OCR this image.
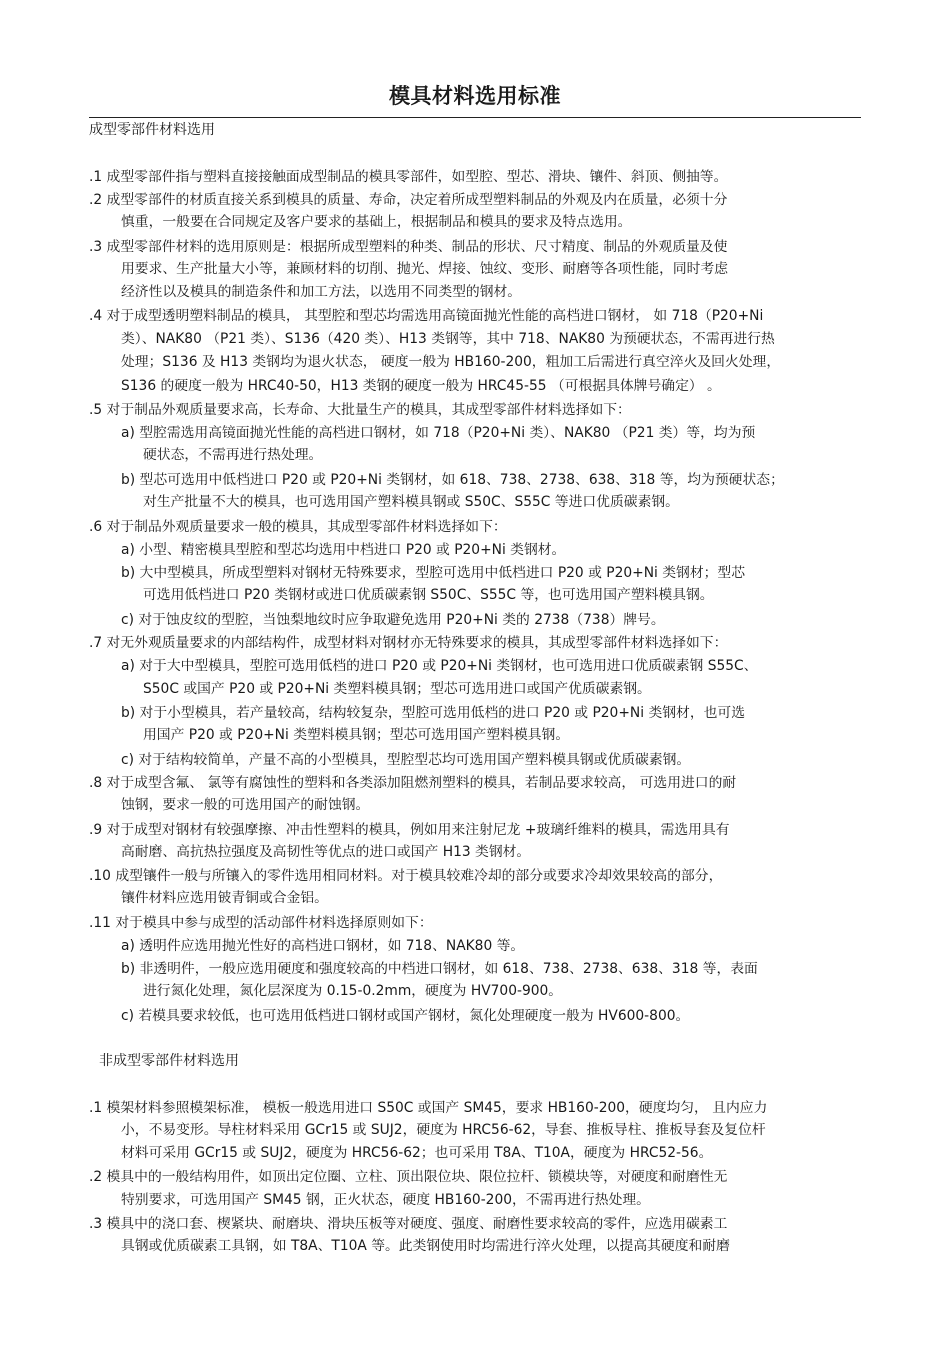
模具材料选用标准
成型零部件材料选用
.1 成型零部件指与塑料直接接触面成型制品的模具零部件，如型腔、型芯、滑块、镶件、斜顶、侧抽等。
.2 成型零部件的材质直接关系到模具的质量、寿命，决定着所成型塑料制品的外观及内在质量，必须十分
慎重，一般要在合同规定及客户要求的基础上，根据制品和模具的要求及特点选用。
.3 成型零部件材料的选用原则是：根据所成型塑料的种类、制品的形状、尺寸精度、制品的外观质量及使
用要求、生产批量大小等，兼顾材料的切削、抛光、焊接、蚀纹、变形、耐磨等各项性能，同时考虑
经济性以及模具的制造条件和加工方法，以选用不同类型的钢材。
.4 对于成型透明塑料制品的模具， 其型腔和型芯均需选用高镜面抛光性能的高档进口钢材， 如 718（P20+Ni
类）、NAK80 （P21 类）、S136（420 类）、H13 类钢等，其中 718、NAK80 为预硬状态，不需再进行热
处理；S136 及 H13 类钢均为退火状态， 硬度一般为 HB160-200，粗加工后需进行真空淬火及回火处理，
S136 的硬度一般为 HRC40-50，H13 类钢的硬度一般为 HRC45-55 （可根据具体牌号确定） 。
.5 对于制品外观质量要求高，长寿命、大批量生产的模具，其成型零部件材料选择如下：
a) 型腔需选用高镜面抛光性能的高档进口钢材，如 718（P20+Ni 类）、NAK80 （P21 类）等，均为预
硬状态，不需再进行热处理。
b) 型芯可选用中低档进口 P20 或 P20+Ni 类钢材，如 618、738、2738、638、318 等，均为预硬状态；
对生产批量不大的模具，也可选用国产塑料模具钢或 S50C、S55C 等进口优质碳素钢。
.6 对于制品外观质量要求一般的模具，其成型零部件材料选择如下：
a) 小型、精密模具型腔和型芯均选用中档进口 P20 或 P20+Ni 类钢材。
b) 大中型模具，所成型塑料对钢材无特殊要求，型腔可选用中低档进口 P20 或 P20+Ni 类钢材；型芯
可选用低档进口 P20 类钢材或进口优质碳素钢 S50C、S55C 等，也可选用国产塑料模具钢。
c) 对于蚀皮纹的型腔，当蚀梨地纹时应争取避免选用 P20+Ni 类的 2738（738）牌号。
.7 对无外观质量要求的内部结构件，成型材料对钢材亦无特殊要求的模具，其成型零部件材料选择如下：
a) 对于大中型模具，型腔可选用低档的进口 P20 或 P20+Ni 类钢材，也可选用进口优质碳素钢 S55C、
S50C 或国产 P20 或 P20+Ni 类塑料模具钢；型芯可选用进口或国产优质碳素钢。
b) 对于小型模具，若产量较高，结构较复杂，型腔可选用低档的进口 P20 或 P20+Ni 类钢材，也可选
用国产 P20 或 P20+Ni 类塑料模具钢；型芯可选用国产塑料模具钢。
c) 对于结构较简单，产量不高的小型模具，型腔型芯均可选用国产塑料模具钢或优质碳素钢。
.8 对于成型含氟、 氯等有腐蚀性的塑料和各类添加阻燃剂塑料的模具，若制品要求较高， 可选用进口的耐
蚀钢，要求一般的可选用国产的耐蚀钢。
.9 对于成型对钢材有较强摩擦、冲击性塑料的模具，例如用来注射尼龙 +玻璃纤维料的模具，需选用具有
高耐磨、高抗热拉强度及高韧性等优点的进口或国产 H13 类钢材。
.10 成型镶件一般与所镶入的零件选用相同材料。对于模具较难冷却的部分或要求冷却效果较高的部分，
镶件材料应选用铍青铜或合金铝。
.11 对于模具中参与成型的活动部件材料选择原则如下：
a) 透明件应选用抛光性好的高档进口钢材，如 718、NAK80 等。
b) 非透明件，一般应选用硬度和强度较高的中档进口钢材，如 618、738、2738、638、318 等，表面
进行氮化处理，氮化层深度为 0.15-0.2mm，硬度为 HV700-900。
c) 若模具要求较低，也可选用低档进口钢材或国产钢材，氮化处理硬度一般为 HV600-800。
非成型零部件材料选用
.1 模架材料参照模架标准， 模板一般选用进口 S50C 或国产 SM45，要求 HB160-200，硬度均匀， 且内应力
小，不易变形。导柱材料采用 GCr15 或 SUJ2，硬度为 HRC56-62，导套、推板导柱、推板导套及复位杆
材料可采用 GCr15 或 SUJ2，硬度为 HRC56-62；也可采用 T8A、T10A，硬度为 HRC52-56。
.2 模具中的一般结构用件，如顶出定位圈、立柱、顶出限位块、限位拉杆、锁模块等，对硬度和耐磨性无
特别要求，可选用国产 SM45 钢，正火状态，硬度 HB160-200，不需再进行热处理。
.3 模具中的浇口套、楔紧块、耐磨块、滑块压板等对硬度、强度、耐磨性要求较高的零件，应选用碳素工
具钢或优质碳素工具钢，如 T8A、T10A 等。此类钢使用时均需进行淬火处理，以提高其硬度和耐磨
